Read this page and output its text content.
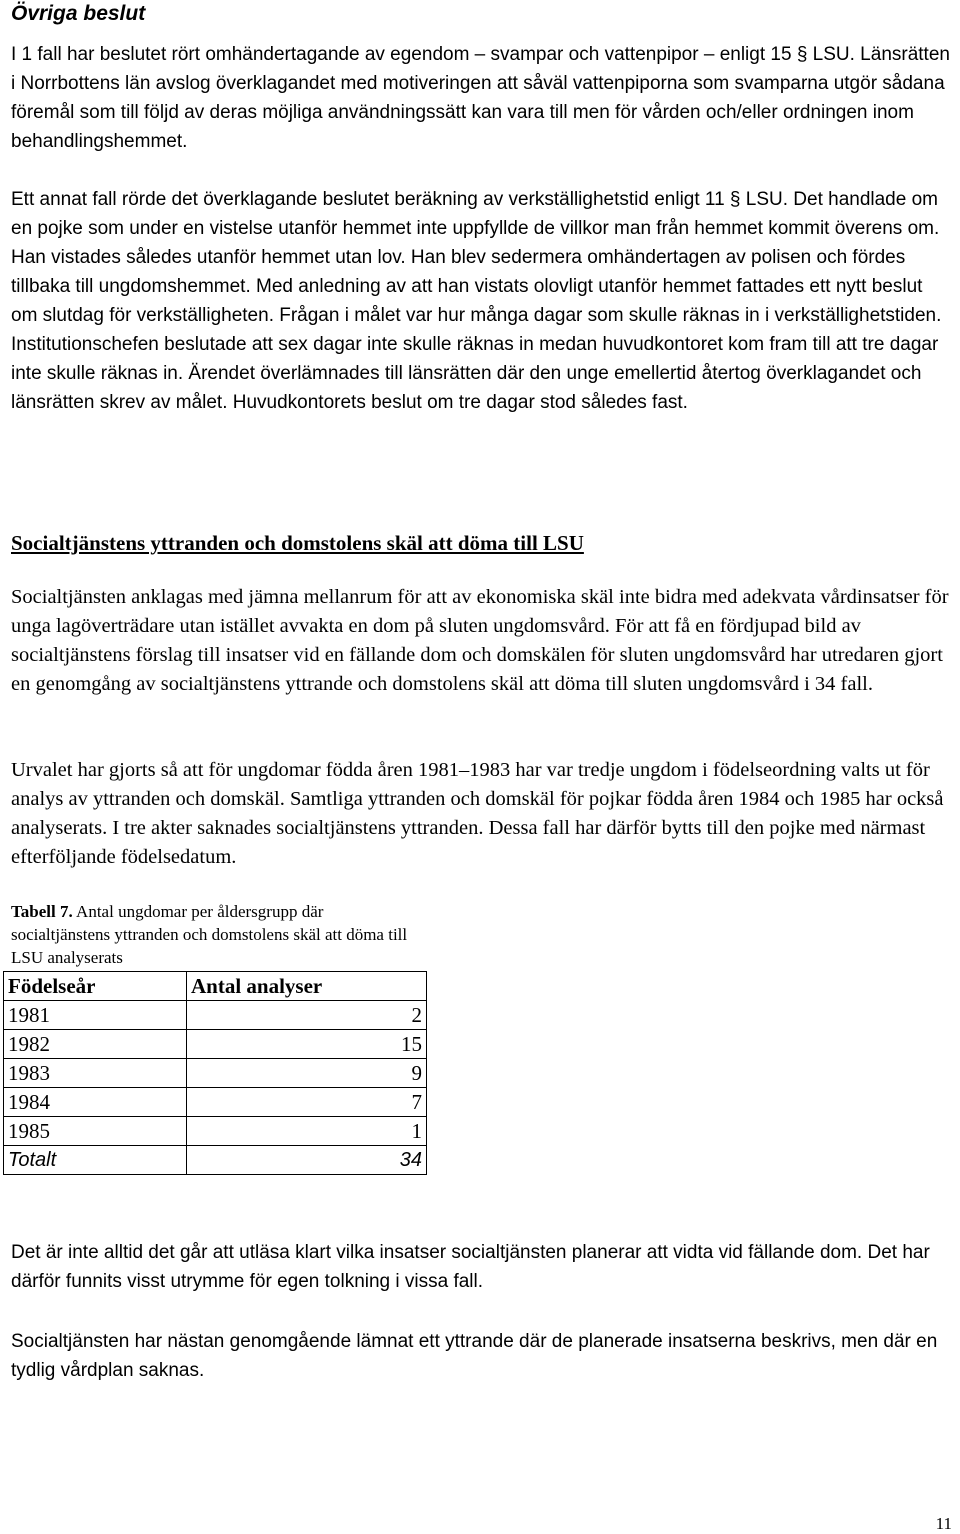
Övriga beslut

I 1 fall har beslutet rört omhändertagande av egendom – svampar och vattenpipor – enligt 15 § LSU. Länsrätten i Norrbottens län avslog överklagandet med motiveringen att såväl vattenpiporna som svamparna utgör sådana föremål som till följd av deras möjliga användningssätt kan vara till men för vården och/eller ordningen inom behandlingshemmet.

Ett annat fall rörde det överklagande beslutet beräkning av verkställighetstid enligt 11 § LSU. Det handlade om en pojke som under en vistelse utanför hemmet inte uppfyllde de villkor man från hemmet kommit överens om. Han vistades således utanför hemmet utan lov. Han blev sedermera omhändertagen av polisen och fördes tillbaka till ungdomshemmet. Med anledning av att han vistats olovligt utanför hemmet fattades ett nytt beslut om slutdag för verkställigheten. Frågan i målet var hur många dagar som skulle räknas in i verkställighetstiden. Institutionschefen beslutade att sex dagar inte skulle räknas in medan huvudkontoret kom fram till att tre dagar inte skulle räknas in. Ärendet överlämnades till länsrätten där den unge emellertid återtog överklagandet och länsrätten skrev av målet. Huvudkontorets beslut om tre dagar stod således fast.

Socialtjänstens yttranden och domstolens skäl att döma till LSU

Socialtjänsten anklagas med jämna mellanrum för att av ekonomiska skäl inte bidra med adekvata vårdinsatser för unga lagöverträdare utan istället avvakta en dom på sluten ungdomsvård. För att få en fördjupad bild av socialtjänstens förslag till insatser vid en fällande dom och domskälen för sluten ungdomsvård har utredaren gjort en genomgång av socialtjänstens yttrande och domstolens skäl att döma till sluten ungdomsvård i 34 fall.

Urvalet har gjorts så att för ungdomar födda åren 1981–1983 har var tredje ungdom i födelseordning valts ut för analys av yttranden och domskäl. Samtliga yttranden och domskäl för pojkar födda åren 1984 och 1985 har också analyserats. I tre akter saknades socialtjänstens yttranden. Dessa fall har därför bytts till den pojke med närmast efterföljande födelsedatum.

Tabell 7. Antal ungdomar per åldersgrupp där socialtjänstens yttranden och domstolens skäl att döma till LSU analyserats

Födelseår	Antal analyser
1981	2
1982	15
1983	9
1984	7
1985	1
Totalt	34

Det är inte alltid det går att utläsa klart vilka insatser socialtjänsten planerar att vidta vid fällande dom. Det har därför funnits visst utrymme för egen tolkning i vissa fall.

Socialtjänsten har nästan genomgående lämnat ett yttrande där de planerade insatserna beskrivs, men där en tydlig vårdplan saknas.

11
